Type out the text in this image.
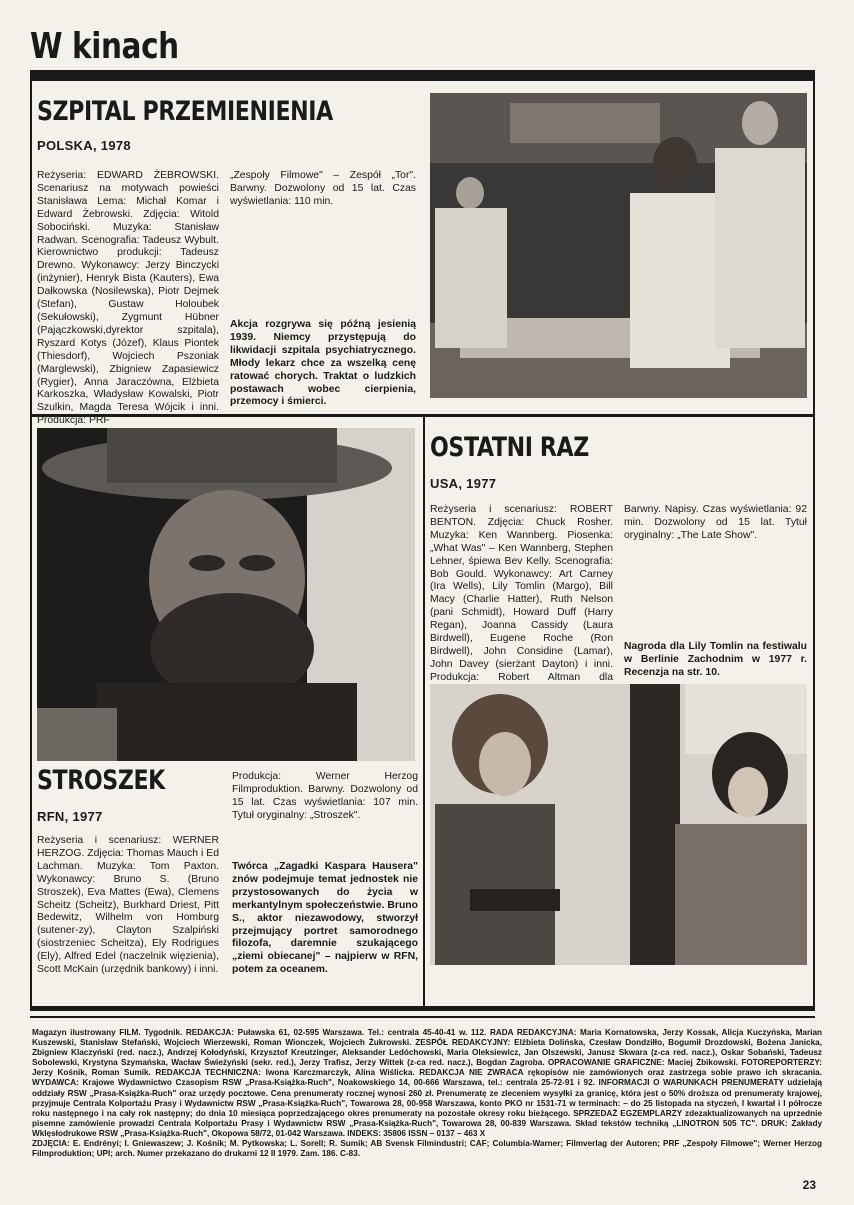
W kinach
SZPITAL PRZEMIENIENIA
POLSKA, 1978
Reżyseria: EDWARD ŻEBROWSKI. Scenariusz na motywach powieści Stanisława Lema: Michał Komar i Edward Żebrowski. Zdjęcia: Witold Sobociński. Muzyka: Stanisław Radwan. Scenografia: Tadeusz Wybult. Kierownictwo produkcji: Tadeusz Drewno. Wykonawcy: Jerzy Binczycki (inżynier), Henryk Bista (Kauters), Ewa Dałkowska (Nosilewska), Piotr Dejmek (Stefan), Gustaw Holoubek (Sekułowski), Zygmunt Hübner (Pajączkowski,dyrektor szpitala), Ryszard Kotys (Józef), Klaus Piontek (Thiesdorf), Wojciech Pszoniak (Marglewski), Zbigniew Zapasiewicz (Rygier), Anna Jaraczówna, Elżbieta Karkoszka, Władysław Kowalski, Piotr Szulkin, Magda Teresa Wójcik i inni. Produkcja: PRF
„Zespoły Filmowe" – Zespół „Tor". Barwny. Dozwolony od 15 lat. Czas wyświetlania: 110 min.
Akcja rozgrywa się późną jesienią 1939. Niemcy przystępują do likwidacji szpitala psychiatrycznego. Młody lekarz chce za wszelką cenę ratować chorych. Traktat o ludzkich postawach wobec cierpienia, przemocy i śmierci.
OSTATNI RAZ
USA, 1977
Reżyseria i scenariusz: ROBERT BENTON. Zdjęcia: Chuck Rosher. Muzyka: Ken Wannberg. Piosenka: „What Was" – Ken Wannberg, Stephen Lehner, śpiewa Bev Kelly. Scenografia: Bob Gould. Wykonawcy: Art Carney (Ira Wells), Lily Tomlin (Margo), Bill Macy (Charlie Hatter), Ruth Nelson (pani Schmidt), Howard Duff (Harry Regan), Joanna Cassidy (Laura Birdwell), Eugene Roche (Ron Birdwell), John Considine (Lamar), John Davey (sierżant Dayton) i inni. Produkcja: Robert Altman dla
Barwny. Napisy. Czas wyświetlania: 92 min. Dozwolony od 15 lat. Tytuł oryginalny: „The Late Show".
Nagroda dla Lily Tomlin na festiwalu w Berlinie Zachodnim w 1977 r. Recenzja na str. 10.
STROSZEK
RFN, 1977
Reżyseria i scenariusz: WERNER HERZOG. Zdjęcia: Thomas Mauch i Ed Lachman. Muzyka: Tom Paxton. Wykonawcy: Bruno S. (Bruno Stroszek), Eva Mattes (Ewa), Clemens Scheitz (Scheitz), Burkhard Driest, Pitt Bedewitz, Wilhelm von Homburg (sutener-zy), Clayton Szalpiński (siostrzeniec Scheitza), Ely Rodrigues (Ely), Alfred Edel (naczelnik więzienia), Scott McKain (urzędnik bankowy) i inni.
Produkcja: Werner Herzog Filmproduktion. Barwny. Dozwolony od 15 lat. Czas wyświetlania: 107 min. Tytuł oryginalny: „Stroszek".
Twórca „Zagadki Kaspara Hausera" znów podejmuje temat jednostek nie przystosowanych do życia w merkantylnym społeczeństwie. Bruno S., aktor niezawodowy, stworzył przejmujący portret samorodnego filozofa, daremnie szukającego „ziemi obiecanej" – najpierw w RFN, potem za oceanem.
Magazyn ilustrowany FILM. Tygodnik. REDAKCJA: Puławska 61, 02-595 Warszawa. Tel.: centrala 45-40-41 w. 112. RADA REDAKCYJNA: Maria Kornatowska, Jerzy Kossak, Alicja Kuczyńska, Marian Kuszewski, Stanisław Stefański, Wojciech Wierzewski, Roman Wionczek, Wojciech Żukrowski. ZESPÓŁ REDAKCYJNY: Elżbieta Dolińska, Czesław Dondziłło, Bogumił Drozdowski, Bożena Janicka, Zbigniew Klaczyński (red. nacz.), Andrzej Kołodyński, Krzysztof Kreutzinger, Aleksander Ledóchowski, Maria Oleksiewicz, Jan Olszewski, Janusz Skwara (z-ca red. nacz.), Oskar Sobański, Tadeusz Sobolewski, Krystyna Szymańska, Wacław Świeżyński (sekr. red.), Jerzy Trafisz, Jerzy Wittek (z-ca red. nacz.), Bogdan Zagroba. OPRACOWANIE GRAFICZNE: Maciej Żbikowski. FOTOREPORTERZY: Jerzy Kośnik, Roman Sumik. REDAKCJA TECHNICZNA: Iwona Karczmarczyk, Alina Wiślicka. REDAKCJA NIE ZWRACA rękopisów nie zamówionych oraz zastrzega sobie prawo ich skracania. WYDAWCA: Krajowe Wydawnictwo Czasopism RSW „Prasa-Książka-Ruch", Noakowskiego 14, 00-666 Warszawa, tel.: centrala 25-72-91 i 92. INFORMACJI O WARUNKACH PRENUMERATY udzielają oddziały RSW „Prasa-Książka-Ruch" oraz urzędy pocztowe. Cena prenumeraty rocznej wynosi 260 zł. Prenumeratę ze zleceniem wysyłki za granicę, która jest o 50% droższa od prenumeraty krajowej, przyjmuje Centrala Kolportażu Prasy i Wydawnictw RSW „Prasa-Książka-Ruch", Towarowa 28, 00-958 Warszawa, konto PKO nr 1531-71 w terminach: – do 25 listopada na styczeń, I kwartał i I półrocze roku następnego i na cały rok następny; do dnia 10 miesiąca poprzedzającego okres prenumeraty na pozostałe okresy roku bieżącego. SPRZEDAŻ EGZEMPLARZY zdezaktualizowanych na uprzednie pisemne zamówienie prowadzi Centrala Kolportażu Prasy i Wydawnictw RSW „Prasa-Książka-Ruch", Towarowa 28, 00-839 Warszawa. Skład tekstów techniką „LINOTRON 505 TC". DRUK: Zakłady Wklęsłodrukowe RSW „Prasa-Książka-Ruch", Okopowa 58/72, 01-042 Warszawa. INDEKS: 35806 ISSN – 0137 – 463 X
ZDJĘCIA: E. Endrényi; I. Gniewaszew; J. Kośnik; M. Pytkowska; L. Sorell; R. Sumik; AB Svensk Filmindustri; CAF; Columbia-Warner; Filmverlag der Autoren; PRF „Zespoły Filmowe"; Werner Herzog Filmproduktion; UPI; arch. Numer przekazano do drukarni 12 II 1979. Zam. 186. C-83.
23
